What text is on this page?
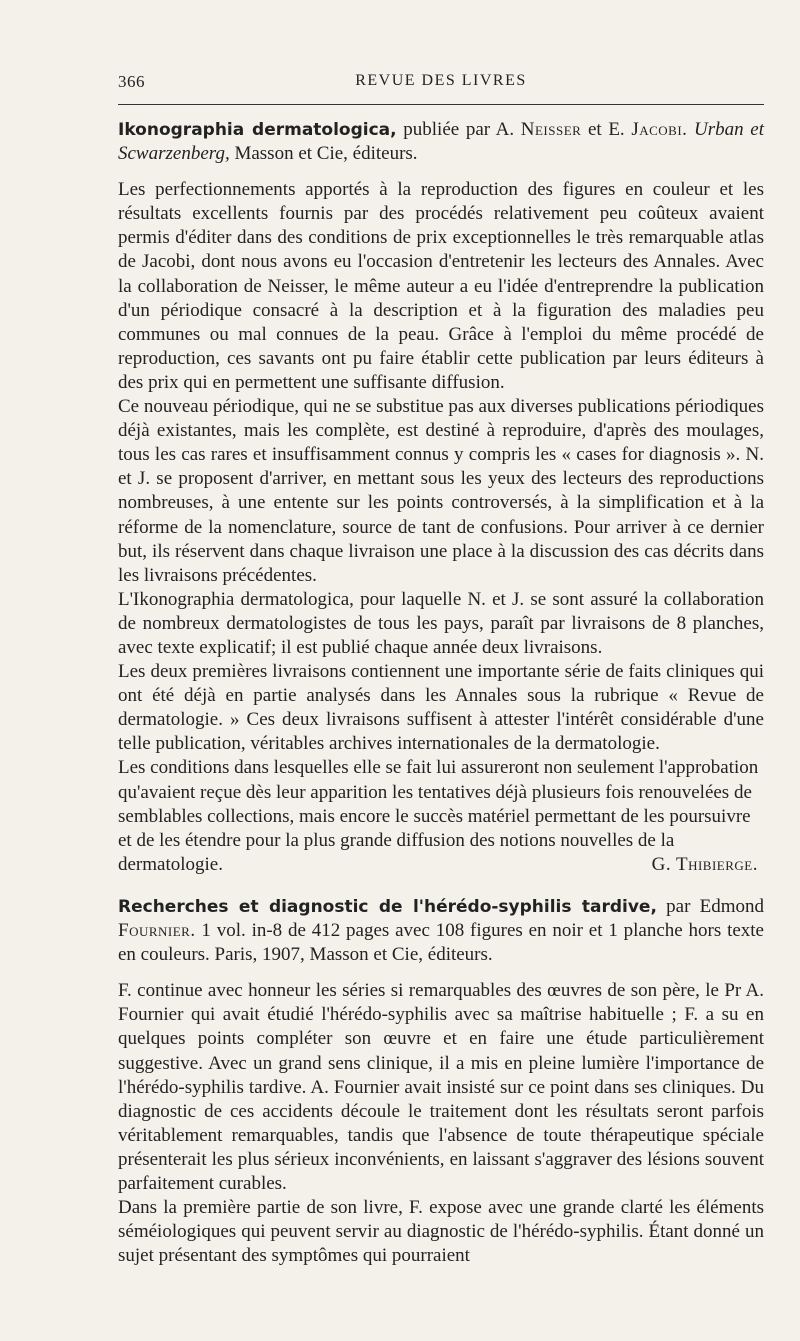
366	REVUE DES LIVRES

Ikonographia dermatologica, publiée par A. Neisser et E. Jacobi. Urban et Scwarzenberg, Masson et Cie, éditeurs.

Les perfectionnements apportés à la reproduction des figures en couleur et les résultats excellents fournis par des procédés relativement peu coûteux avaient permis d'éditer dans des conditions de prix exceptionnelles le très remarquable atlas de Jacobi, dont nous avons eu l'occasion d'entretenir les lecteurs des Annales. Avec la collaboration de Neisser, le même auteur a eu l'idée d'entreprendre la publication d'un périodique consacré à la description et à la figuration des maladies peu communes ou mal connues de la peau. Grâce à l'emploi du même procédé de reproduction, ces savants ont pu faire établir cette publication par leurs éditeurs à des prix qui en permettent une suffisante diffusion.

Ce nouveau périodique, qui ne se substitue pas aux diverses publications périodiques déjà existantes, mais les complète, est destiné à reproduire, d'après des moulages, tous les cas rares et insuffisamment connus y compris les « cases for diagnosis ». N. et J. se proposent d'arriver, en mettant sous les yeux des lecteurs des reproductions nombreuses, à une entente sur les points controversés, à la simplification et à la réforme de la nomenclature, source de tant de confusions. Pour arriver à ce dernier but, ils réservent dans chaque livraison une place à la discussion des cas décrits dans les livraisons précédentes.

L'Ikonographia dermatologica, pour laquelle N. et J. se sont assuré la collaboration de nombreux dermatologistes de tous les pays, paraît par livraisons de 8 planches, avec texte explicatif; il est publié chaque année deux livraisons.

Les deux premières livraisons contiennent une importante série de faits cliniques qui ont été déjà en partie analysés dans les Annales sous la rubrique « Revue de dermatologie. » Ces deux livraisons suffisent à attester l'intérêt considérable d'une telle publication, véritables archives internationales de la dermatologie.

Les conditions dans lesquelles elle se fait lui assureront non seulement l'approbation qu'avaient reçue dès leur apparition les tentatives déjà plusieurs fois renouvelées de semblables collections, mais encore le succès matériel permettant de les poursuivre et de les étendre pour la plus grande diffusion des notions nouvelles de la dermatologie.	G. Thibierge.

Recherches et diagnostic de l'hérédo-syphilis tardive, par Edmond Fournier. 1 vol. in-8 de 412 pages avec 108 figures en noir et 1 planche hors texte en couleurs. Paris, 1907, Masson et Cie, éditeurs.

F. continue avec honneur les séries si remarquables des œuvres de son père, le Pr A. Fournier qui avait étudié l'hérédo-syphilis avec sa maîtrise habituelle ; F. a su en quelques points compléter son œuvre et en faire une étude particulièrement suggestive. Avec un grand sens clinique, il a mis en pleine lumière l'importance de l'hérédo-syphilis tardive. A. Fournier avait insisté sur ce point dans ses cliniques. Du diagnostic de ces accidents découle le traitement dont les résultats seront parfois véritablement remarquables, tandis que l'absence de toute thérapeutique spéciale présenterait les plus sérieux inconvénients, en laissant s'aggraver des lésions souvent parfaitement curables.

Dans la première partie de son livre, F. expose avec une grande clarté les éléments séméiologiques qui peuvent servir au diagnostic de l'hérédo-syphilis. Étant donné un sujet présentant des symptômes qui pourraient
